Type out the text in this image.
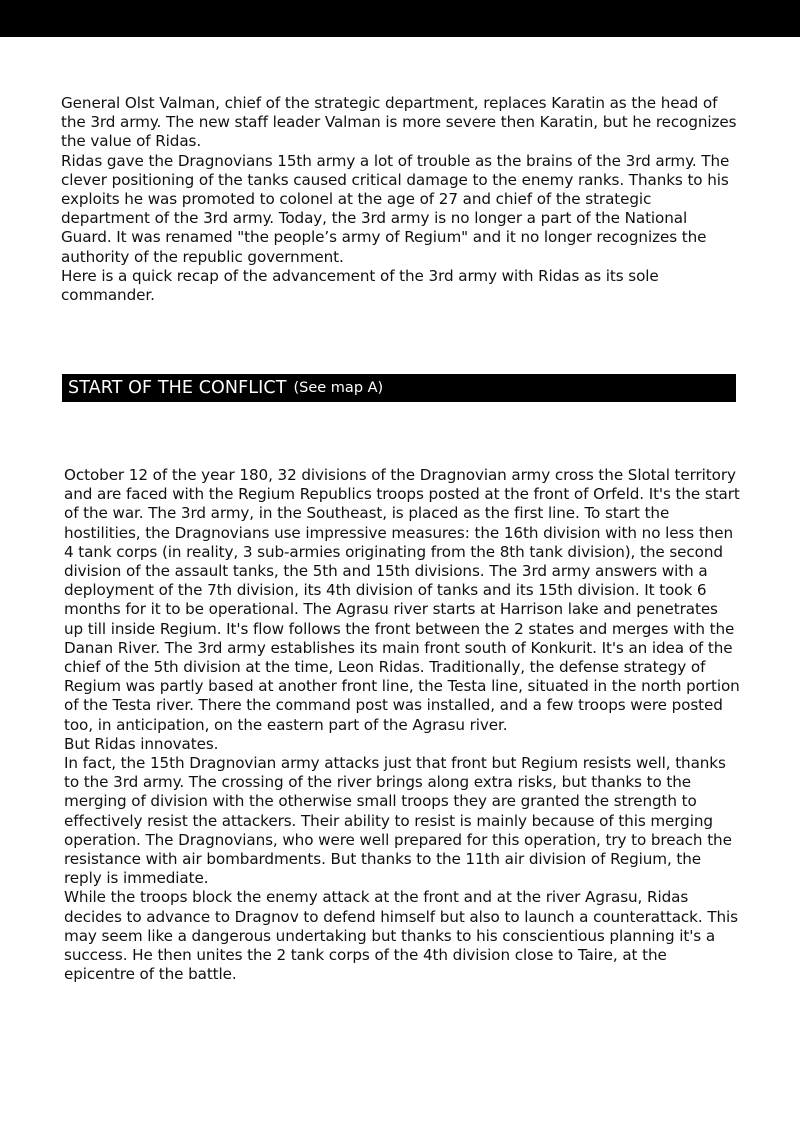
General Olst Valman, chief of the strategic department, replaces Karatin as the head of the 3rd army. The new staff leader Valman is more severe then Karatin, but he recognizes the value of Ridas.

Ridas gave the Dragnovians 15th army a lot of trouble as the brains of the 3rd army. The clever positioning of the tanks caused critical damage to the enemy ranks. Thanks to his exploits he was promoted to colonel at the age of 27 and chief of the strategic department of the 3rd army. Today, the 3rd army is no longer a part of the National Guard. It was renamed "the people’s army of Regium" and it no longer recognizes the authority of the republic government.

Here is a quick recap of the advancement of the 3rd army with Ridas as its sole commander.

START OF THE CONFLICT (See map A)

October 12 of the year 180, 32 divisions of the Dragnovian army cross the Slotal territory and are faced with the Regium Republics troops posted at the front of Orfeld. It's the start of the war. The 3rd army, in the Southeast, is placed as the first line. To start the hostilities, the Dragnovians use impressive measures: the 16th division with no less then 4 tank corps (in reality, 3 sub-armies originating from the 8th tank division), the second division of the assault tanks, the 5th and 15th divisions. The 3rd army answers with a deployment of the 7th division, its 4th division of tanks and its 15th division. It took 6 months for it to be operational. The Agrasu river starts at Harrison lake and penetrates up till inside Regium. It's flow follows the front between the 2 states and merges with the Danan River. The 3rd army establishes its main front south of Konkurit. It's an idea of the chief of the 5th division at the time, Leon Ridas. Traditionally, the defense strategy of Regium was partly based at another front line, the Testa line, situated in the north portion of the Testa river. There the command post was installed, and a few troops were posted too, in anticipation, on the eastern part of the Agrasu river.

But Ridas innovates.

In fact, the 15th Dragnovian army attacks just that front but Regium resists well, thanks to the 3rd army. The crossing of the river brings along extra risks, but thanks to the merging of division with the otherwise small troops they are granted the strength to effectively resist the attackers. Their ability to resist is mainly because of this merging operation. The Dragnovians, who were well prepared for this operation, try to breach the resistance with air bombardments. But thanks to the 11th air division of Regium, the reply is immediate.

While the troops block the enemy attack at the front and at the river Agrasu, Ridas decides to advance to Dragnov to defend himself but also to launch a counterattack. This may seem like a dangerous undertaking but thanks to his conscientious planning it's a success. He then unites the 2 tank corps of the 4th division close to Taire, at the epicentre of the battle.
